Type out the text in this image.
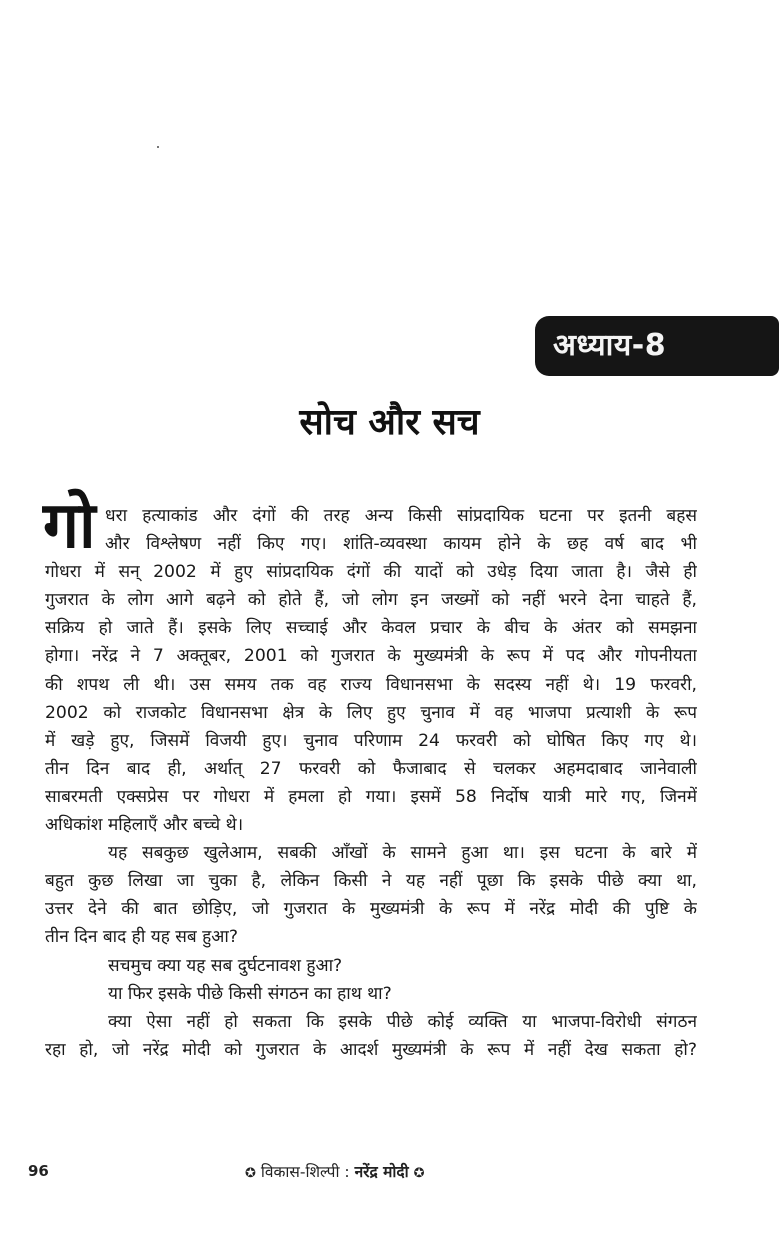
अध्याय-8
सोच और सच
गो धरा हत्याकांड और दंगों की तरह अन्य किसी सांप्रदायिक घटना पर इतनी बहस
और विश्लेषण नहीं किए गए। शांति-व्यवस्था कायम होने के छह वर्ष बाद भी
गोधरा में सन् 2002 में हुए सांप्रदायिक दंगों की यादों को उधेड़ दिया जाता है। जैसे ही
गुजरात के लोग आगे बढ़ने को होते हैं, जो लोग इन जख्मों को नहीं भरने देना चाहते हैं,
सक्रिय हो जाते हैं। इसके लिए सच्चाई और केवल प्रचार के बीच के अंतर को समझना
होगा। नरेंद्र ने 7 अक्तूबर, 2001 को गुजरात के मुख्यमंत्री के रूप में पद और गोपनीयता
की शपथ ली थी। उस समय तक वह राज्य विधानसभा के सदस्य नहीं थे। 19 फरवरी,
2002 को राजकोट विधानसभा क्षेत्र के लिए हुए चुनाव में वह भाजपा प्रत्याशी के रूप
में खड़े हुए, जिसमें विजयी हुए। चुनाव परिणाम 24 फरवरी को घोषित किए गए थे।
तीन दिन बाद ही, अर्थात् 27 फरवरी को फैजाबाद से चलकर अहमदाबाद जानेवाली
साबरमती एक्सप्रेस पर गोधरा में हमला हो गया। इसमें 58 निर्दोष यात्री मारे गए, जिनमें
अधिकांश महिलाएँ और बच्चे थे।
यह सबकुछ खुलेआम, सबकी आँखों के सामने हुआ था। इस घटना के बारे में
बहुत कुछ लिखा जा चुका है, लेकिन किसी ने यह नहीं पूछा कि इसके पीछे क्या था,
उत्तर देने की बात छोड़िए, जो गुजरात के मुख्यमंत्री के रूप में नरेंद्र मोदी की पुष्टि के
तीन दिन बाद ही यह सब हुआ?
सचमुच क्या यह सब दुर्घटनावश हुआ?
या फिर इसके पीछे किसी संगठन का हाथ था?
क्या ऐसा नहीं हो सकता कि इसके पीछे कोई व्यक्ति या भाजपा-विरोधी संगठन
रहा हो, जो नरेंद्र मोदी को गुजरात के आदर्श मुख्यमंत्री के रूप में नहीं देख सकता हो?
96	✪ विकास-शिल्पी : नरेंद्र मोदी ✪
